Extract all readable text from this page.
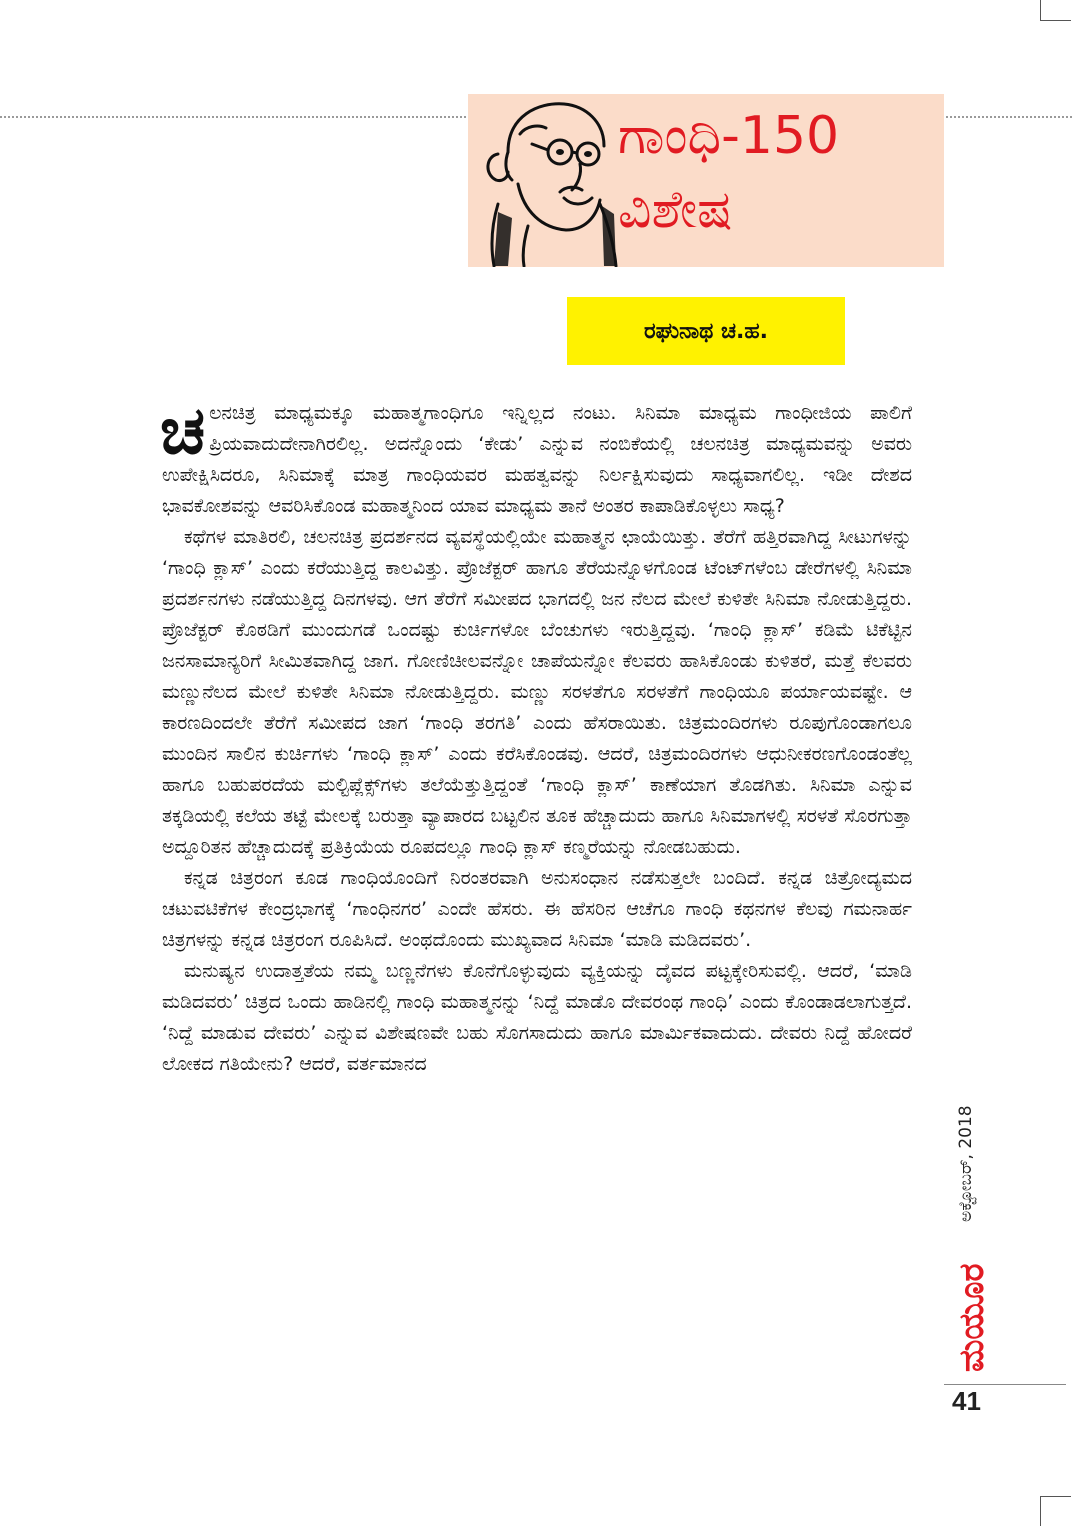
ಗಾಂಧಿ-150
ವಿಶೇಷ
ರಘುನಾಥ ಚ.ಹ.

ಚಲನಚಿತ್ರ ಮಾಧ್ಯಮಕ್ಕೂ ಮಹಾತ್ಮಗಾಂಧಿಗೂ ಇನ್ನಿಲ್ಲದ ನಂಟು. ಸಿನಿಮಾ ಮಾಧ್ಯಮ ಗಾಂಧೀಜಿಯ ಪಾಲಿಗೆ ಪ್ರಿಯವಾದುದೇನಾಗಿರಲಿಲ್ಲ. ಅದನ್ನೊಂದು ‘ಕೇಡು’ ಎನ್ನುವ ನಂಬಿಕೆಯಲ್ಲಿ ಚಲನಚಿತ್ರ ಮಾಧ್ಯಮವನ್ನು ಅವರು ಉಪೇಕ್ಷಿಸಿದರೂ, ಸಿನಿಮಾಕ್ಕೆ ಮಾತ್ರ ಗಾಂಧಿಯವರ ಮಹತ್ವವನ್ನು ನಿರ್ಲಕ್ಷಿಸುವುದು ಸಾಧ್ಯವಾಗಲಿಲ್ಲ. ಇಡೀ ದೇಶದ ಭಾವಕೋಶವನ್ನು ಆವರಿಸಿಕೊಂಡ ಮಹಾತ್ಮನಿಂದ ಯಾವ ಮಾಧ್ಯಮ ತಾನೆ ಅಂತರ ಕಾಪಾಡಿಕೊಳ್ಳಲು ಸಾಧ್ಯ?

ಕಥೆಗಳ ಮಾತಿರಲಿ, ಚಲನಚಿತ್ರ ಪ್ರದರ್ಶನದ ವ್ಯವಸ್ಥೆಯಲ್ಲಿಯೇ ಮಹಾತ್ಮನ ಛಾಯೆಯಿತ್ತು. ತೆರೆಗೆ ಹತ್ತಿರವಾಗಿದ್ದ ಸೀಟುಗಳನ್ನು ‘ಗಾಂಧಿ ಕ್ಲಾಸ್’ ಎಂದು ಕರೆಯುತ್ತಿದ್ದ ಕಾಲವಿತ್ತು. ಪ್ರೊಜೆಕ್ಟರ್ ಹಾಗೂ ತೆರೆಯನ್ನೊಳಗೊಂಡ ಟೆಂಟ್‌ಗಳೆಂಬ ಡೇರೆಗಳಲ್ಲಿ ಸಿನಿಮಾ ಪ್ರದರ್ಶನಗಳು ನಡೆಯುತ್ತಿದ್ದ ದಿನಗಳವು. ಆಗ ತೆರೆಗೆ ಸಮೀಪದ ಭಾಗದಲ್ಲಿ ಜನ ನೆಲದ ಮೇಲೆ ಕುಳಿತೇ ಸಿನಿಮಾ ನೋಡುತ್ತಿದ್ದರು. ಪ್ರೊಜೆಕ್ಟರ್ ಕೊಠಡಿಗೆ ಮುಂದುಗಡೆ ಒಂದಷ್ಟು ಕುರ್ಚಿಗಳೋ ಬೆಂಚುಗಳು ಇರುತ್ತಿದ್ದವು. ‘ಗಾಂಧಿ ಕ್ಲಾಸ್’ ಕಡಿಮೆ ಟಿಕೆಟ್ಟಿನ ಜನಸಾಮಾನ್ಯರಿಗೆ ಸೀಮಿತವಾಗಿದ್ದ ಜಾಗ. ಗೋಣಿಚೀಲವನ್ನೋ ಚಾಪೆಯನ್ನೋ ಕೆಲವರು ಹಾಸಿಕೊಂಡು ಕುಳಿತರೆ, ಮತ್ತೆ ಕೆಲವರು ಮಣ್ಣುನೆಲದ ಮೇಲೆ ಕುಳಿತೇ ಸಿನಿಮಾ ನೋಡುತ್ತಿದ್ದರು. ಮಣ್ಣು ಸರಳತೆಗೂ ಸರಳತೆಗೆ ಗಾಂಧಿಯೂ ಪರ್ಯಾಯವಷ್ಟೇ. ಆ ಕಾರಣದಿಂದಲೇ ತೆರೆಗೆ ಸಮೀಪದ ಜಾಗ ‘ಗಾಂಧಿ ತರಗತಿ’ ಎಂದು ಹೆಸರಾಯಿತು. ಚಿತ್ರಮಂದಿರಗಳು ರೂಪುಗೊಂಡಾಗಲೂ ಮುಂದಿನ ಸಾಲಿನ ಕುರ್ಚಿಗಳು ‘ಗಾಂಧಿ ಕ್ಲಾಸ್’ ಎಂದು ಕರೆಸಿಕೊಂಡವು. ಆದರೆ, ಚಿತ್ರಮಂದಿರಗಳು ಆಧುನೀಕರಣಗೊಂಡಂತೆಲ್ಲ ಹಾಗೂ ಬಹುಪರದೆಯ ಮಲ್ಟಿಪ್ಲೆಕ್ಸ್‌ಗಳು ತಲೆಯೆತ್ತುತ್ತಿದ್ದಂತೆ ‘ಗಾಂಧಿ ಕ್ಲಾಸ್’ ಕಾಣೆಯಾಗ ತೊಡಗಿತು. ಸಿನಿಮಾ ಎನ್ನುವ ತಕ್ಕಡಿಯಲ್ಲಿ ಕಲೆಯ ತಟ್ಟೆ ಮೇಲಕ್ಕೆ ಬರುತ್ತಾ ವ್ಯಾಪಾರದ ಬಟ್ಟಲಿನ ತೂಕ ಹೆಚ್ಚಾದುದು ಹಾಗೂ ಸಿನಿಮಾಗಳಲ್ಲಿ ಸರಳತೆ ಸೊರಗುತ್ತಾ ಅದ್ದೂರಿತನ ಹೆಚ್ಚಾದುದಕ್ಕೆ ಪ್ರತಿಕ್ರಿಯೆಯ ರೂಪದಲ್ಲೂ ಗಾಂಧಿ ಕ್ಲಾಸ್ ಕಣ್ಮರೆಯನ್ನು ನೋಡಬಹುದು.

ಕನ್ನಡ ಚಿತ್ರರಂಗ ಕೂಡ ಗಾಂಧಿಯೊಂದಿಗೆ ನಿರಂತರವಾಗಿ ಅನುಸಂಧಾನ ನಡೆಸುತ್ತಲೇ ಬಂದಿದೆ. ಕನ್ನಡ ಚಿತ್ರೋದ್ಯಮದ ಚಟುವಟಿಕೆಗಳ ಕೇಂದ್ರಭಾಗಕ್ಕೆ ‘ಗಾಂಧಿನಗರ’ ಎಂದೇ ಹೆಸರು. ಈ ಹೆಸರಿನ ಆಚೆಗೂ ಗಾಂಧಿ ಕಥನಗಳ ಕೆಲವು ಗಮನಾರ್ಹ ಚಿತ್ರಗಳನ್ನು ಕನ್ನಡ ಚಿತ್ರರಂಗ ರೂಪಿಸಿದೆ. ಅಂಥದೊಂದು ಮುಖ್ಯವಾದ ಸಿನಿಮಾ ‘ಮಾಡಿ ಮಡಿದವರು’.

ಮನುಷ್ಯನ ಉದಾತ್ತತೆಯ ನಮ್ಮ ಬಣ್ಣನೆಗಳು ಕೊನೆಗೊಳ್ಳುವುದು ವ್ಯಕ್ತಿಯನ್ನು ದೈವದ ಪಟ್ಟಕ್ಕೇರಿಸುವಲ್ಲಿ. ಆದರೆ, ‘ಮಾಡಿ ಮಡಿದವರು’ ಚಿತ್ರದ ಒಂದು ಹಾಡಿನಲ್ಲಿ ಗಾಂಧಿ ಮಹಾತ್ಮನನ್ನು ‘ನಿದ್ದೆ ಮಾಡೊ ದೇವರಂಥ ಗಾಂಧಿ’ ಎಂದು ಕೊಂಡಾಡಲಾಗುತ್ತದೆ. ‘ನಿದ್ದೆ ಮಾಡುವ ದೇವರು’ ಎನ್ನುವ ವಿಶೇಷಣವೇ ಬಹು ಸೊಗಸಾದುದು ಹಾಗೂ ಮಾರ್ಮಿಕವಾದುದು. ದೇವರು ನಿದ್ದೆ ಹೋದರೆ ಲೋಕದ ಗತಿಯೇನು? ಆದರೆ, ವರ್ತಮಾನದ

ಅಕ್ಟೋಬರ್, 2018
ಮಯೂರ
41
